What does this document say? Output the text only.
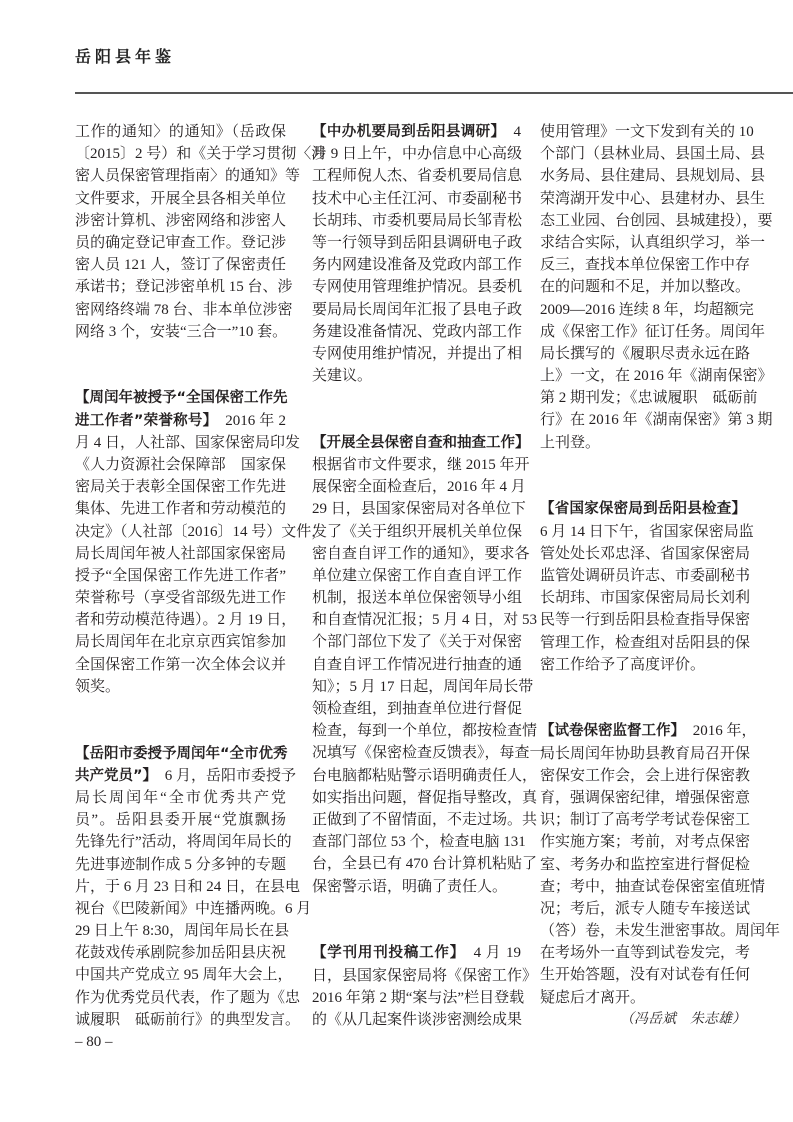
岳阳县年鉴
工作的通知〉的通知》（岳政保
〔2015〕2 号）和《关于学习贯彻〈涉
密人员保密管理指南〉的通知》等
文件要求，开展全县各相关单位
涉密计算机、涉密网络和涉密人
员的确定登记审查工作。登记涉
密人员 121 人，签订了保密责任
承诺书；登记涉密单机 15 台、涉
密网络终端 78 台、非本单位涉密
网络 3 个，安装“三合一”10 套。
【周闰年被授予“全国保密工作先
进工作者”荣誉称号】　2016 年 2
月 4 日，人社部、国家保密局印发
《人力资源社会保障部　国家保
密局关于表彰全国保密工作先进
集体、先进工作者和劳动模范的
决定》（人社部〔2016〕14 号）文件，
局长周闰年被人社部国家保密局
授予“全国保密工作先进工作者”
荣誉称号（享受省部级先进工作
者和劳动模范待遇）。2 月 19 日，
局长周闰年在北京京西宾馆参加
全国保密工作第一次全体会议并
领奖。
【岳阳市委授予周闰年“全市优秀
共产党员”】　6 月，岳阳市委授予
局长周闰年“全市优秀共产党
员”。岳阳县委开展“党旗飘扬
先锋先行”活动，将周闰年局长的
先进事迹制作成 5 分多钟的专题
片，于 6 月 23 日和 24 日，在县电
视台《巴陵新闻》中连播两晚。6 月
29 日上午 8:30，周闰年局长在县
花鼓戏传承剧院参加岳阳县庆祝
中国共产党成立 95 周年大会上，
作为优秀党员代表，作了题为《忠
诚履职　砥砺前行》的典型发言。
【中办机要局到岳阳县调研】　4
月 9 日上午，中办信息中心高级
工程师倪人杰、省委机要局信息
技术中心主任江河、市委副秘书
长胡玮、市委机要局局长邹青松
等一行领导到岳阳县调研电子政
务内网建设准备及党政内部工作
专网使用管理维护情况。县委机
要局局长周闰年汇报了县电子政
务建设准备情况、党政内部工作
专网使用维护情况，并提出了相
关建议。
【开展全县保密自查和抽查工作】
根据省市文件要求，继 2015 年开
展保密全面检查后，2016 年 4 月
29 日，县国家保密局对各单位下
发了《关于组织开展机关单位保
密自查自评工作的通知》，要求各
单位建立保密工作自查自评工作
机制，报送本单位保密领导小组
和自查情况汇报；5 月 4 日，对 53
个部门部位下发了《关于对保密
自查自评工作情况进行抽查的通
知》；5 月 17 日起，周闰年局长带
领检查组，到抽查单位进行督促
检查，每到一个单位，都按检查情
况填写《保密检查反馈表》，每查一
台电脑都粘贴警示语明确责任人，
如实指出问题，督促指导整改，真
正做到了不留情面，不走过场。共
查部门部位 53 个，检查电脑 131
台，全县已有 470 台计算机粘贴了
保密警示语，明确了责任人。
【学刊用刊投稿工作】　4 月 19
日，县国家保密局将《保密工作》
2016 年第 2 期“案与法”栏目登载
的《从几起案件谈涉密测绘成果	（冯岳斌　朱志雄）
使用管理》一文下发到有关的 10
个部门（县林业局、县国土局、县
水务局、县住建局、县规划局、县
荣湾湖开发中心、县建材办、县生
态工业园、台创园、县城建投），要
求结合实际，认真组织学习，举一
反三，查找本单位保密工作中存
在的问题和不足，并加以整改。
2009—2016 连续 8 年，均超额完
成《保密工作》征订任务。周闰年
局长撰写的《履职尽责永远在路
上》一文，在 2016 年《湖南保密》
第 2 期刊发；《忠诚履职　砥砺前
行》在 2016 年《湖南保密》第 3 期
上刊登。
【省国家保密局到岳阳县检查】
6 月 14 日下午，省国家保密局监
管处处长邓忠泽、省国家保密局
监管处调研员许志、市委副秘书
长胡玮、市国家保密局局长刘利
民等一行到岳阳县检查指导保密
管理工作，检查组对岳阳县的保
密工作给予了高度评价。
【试卷保密监督工作】　2016 年，
局长周闰年协助县教育局召开保
密保安工作会，会上进行保密教
育，强调保密纪律，增强保密意
识；制订了高考学考试卷保密工
作实施方案；考前，对考点保密
室、考务办和监控室进行督促检
查；考中，抽查试卷保密室值班情
况；考后，派专人随专车接送试
（答）卷，未发生泄密事故。周闰年
在考场外一直等到试卷发完，考
生开始答题，没有对试卷有任何
疑虑后才离开。
– 80 –
